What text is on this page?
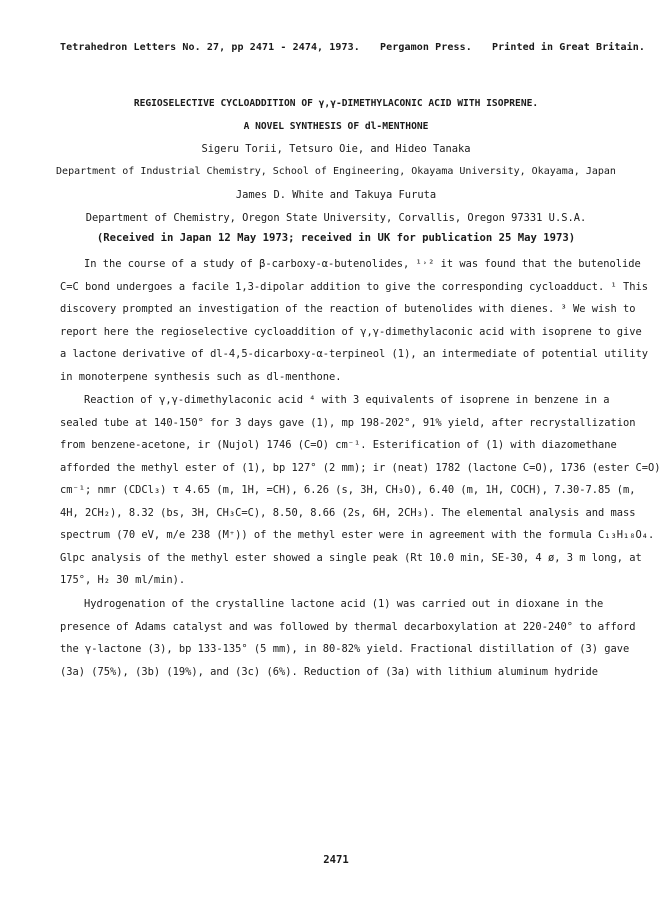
Tetrahedron Letters No. 27, pp 2471 - 2474, 1973. Pergamon Press. Printed in Great Britain.
REGIOSELECTIVE CYCLOADDITION OF γ,γ-DIMETHYLACONIC ACID WITH ISOPRENE.
A NOVEL SYNTHESIS OF dl-MENTHONE
Sigeru Torii, Tetsuro Oie, and Hideo Tanaka
Department of Industrial Chemistry, School of Engineering, Okayama University, Okayama, Japan
James D. White and Takuya Furuta
Department of Chemistry, Oregon State University, Corvallis, Oregon 97331 U.S.A.
(Received in Japan 12 May 1973; received in UK for publication 25 May 1973)
In the course of a study of β-carboxy-α-butenolides, ¹˒² it was found that the butenolide
C=C bond undergoes a facile 1,3-dipolar addition to give the corresponding cycloadduct. ¹ This
discovery prompted an investigation of the reaction of butenolides with dienes. ³ We wish to
report here the regioselective cycloaddition of γ,γ-dimethylaconic acid with isoprene to give
a lactone derivative of dl-4,5-dicarboxy-α-terpineol (1), an intermediate of potential utility
in monoterpene synthesis such as dl-menthone.
Reaction of γ,γ-dimethylaconic acid ⁴ with 3 equivalents of isoprene in benzene in a
sealed tube at 140-150° for 3 days gave (1), mp 198-202°, 91% yield, after recrystallization
from benzene-acetone, ir (Nujol) 1746 (C=O) cm⁻¹. Esterification of (1) with diazomethane
afforded the methyl ester of (1), bp 127° (2 mm); ir (neat) 1782 (lactone C=O), 1736 (ester C=O)
cm⁻¹; nmr (CDCl₃) τ 4.65 (m, 1H, =CH), 6.26 (s, 3H, CH₃O), 6.40 (m, 1H, COCH), 7.30-7.85 (m,
4H, 2CH₂), 8.32 (bs, 3H, CH₃C=C), 8.50, 8.66 (2s, 6H, 2CH₃). The elemental analysis and mass
spectrum (70 eV, m/e 238 (M⁺)) of the methyl ester were in agreement with the formula C₁₃H₁₈O₄.
Glpc analysis of the methyl ester showed a single peak (Rt 10.0 min, SE-30, 4 ø, 3 m long, at
175°, H₂ 30 ml/min).
Hydrogenation of the crystalline lactone acid (1) was carried out in dioxane in the
presence of Adams catalyst and was followed by thermal decarboxylation at 220-240° to afford
the γ-lactone (3), bp 133-135° (5 mm), in 80-82% yield. Fractional distillation of (3) gave
(3a) (75%), (3b) (19%), and (3c) (6%). Reduction of (3a) with lithium aluminum hydride
2471
